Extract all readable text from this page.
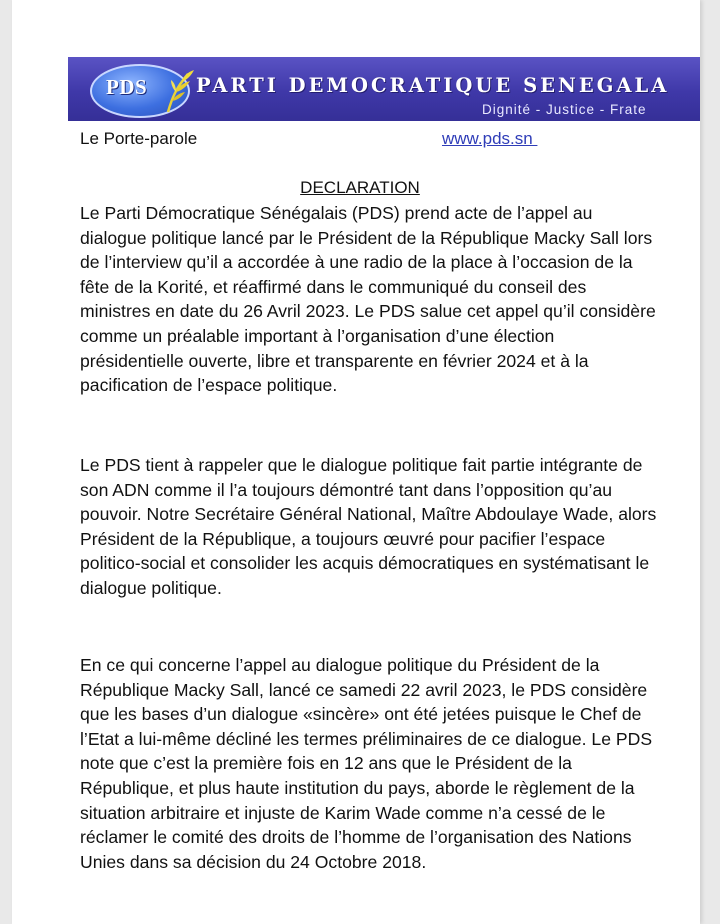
PDS	PARTI DEMOCRATIQUE SENEGALA
Dignité - Justice - Frate
Le Porte-parole	www.pds.sn
DECLARATION

Le Parti Démocratique Sénégalais (PDS) prend acte de l’appel au dialogue politique lancé par le Président de la République Macky Sall lors de l’interview qu’il a accordée à une radio de la place à l’occasion de la fête de la Korité, et réaffirmé dans le communiqué du conseil des ministres en date du 26 Avril 2023. Le PDS salue cet appel qu’il considère comme un préalable important à l’organisation d’une élection présidentielle ouverte, libre et transparente en février 2024 et à la pacification de l’espace politique.

Le PDS tient à rappeler que le dialogue politique fait partie intégrante de son ADN comme il l’a toujours démontré tant dans l’opposition qu’au pouvoir. Notre Secrétaire Général National, Maître Abdoulaye Wade, alors Président de la République, a toujours œuvré pour pacifier l’espace politico-social et consolider les acquis démocratiques en systématisant le dialogue politique.

En ce qui concerne l’appel au dialogue politique du Président de la République Macky Sall, lancé ce samedi 22 avril 2023, le PDS considère que les bases d’un dialogue «sincère» ont été jetées puisque le Chef de l’Etat a lui-même décliné les termes préliminaires de ce dialogue. Le PDS note que c’est la première fois en 12 ans que le Président de la République, et plus haute institution du pays, aborde le règlement de la situation arbitraire et injuste de Karim Wade comme n’a cessé de le réclamer le comité des droits de l’homme de l’organisation des Nations Unies dans sa décision du 24 Octobre 2018.
